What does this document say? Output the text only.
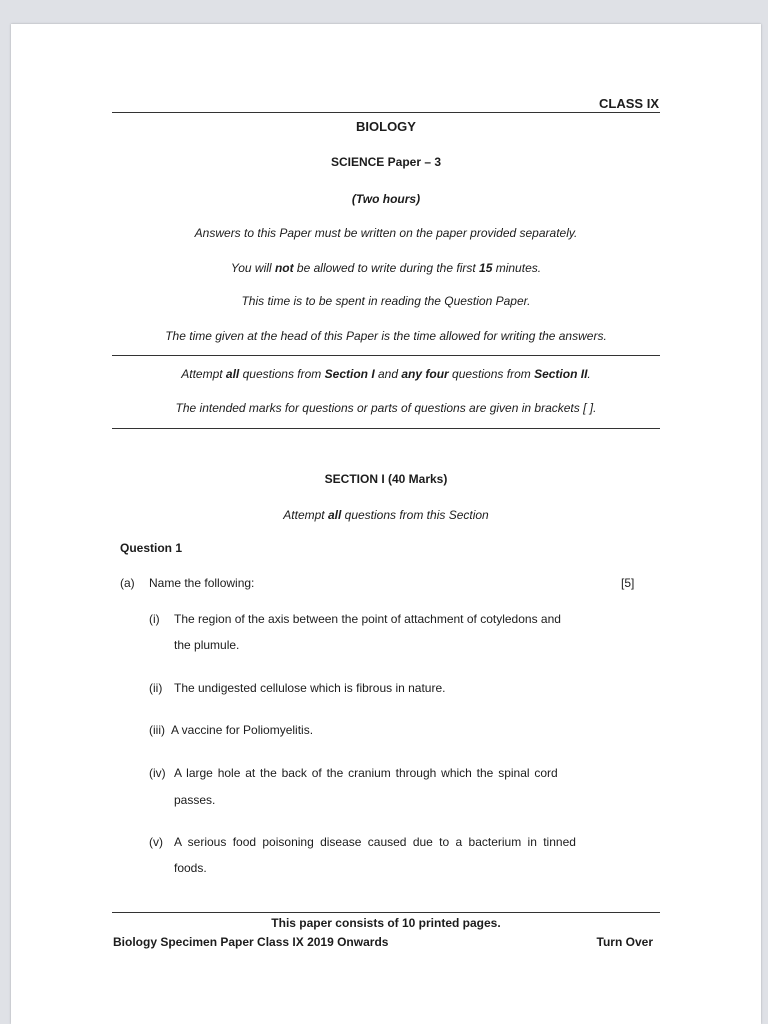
CLASS IX

BIOLOGY

SCIENCE Paper – 3

(Two hours)

Answers to this Paper must be written on the paper provided separately.

You will not be allowed to write during the first 15 minutes.

This time is to be spent in reading the Question Paper.

The time given at the head of this Paper is the time allowed for writing the answers.

Attempt all questions from Section I and any four questions from Section II.

The intended marks for questions or parts of questions are given in brackets [ ].

SECTION I (40 Marks)

Attempt all questions from this Section

Question 1

(a) Name the following:	[5]

(i) The region of the axis between the point of attachment of cotyledons and

the plumule.

(ii) The undigested cellulose which is fibrous in nature.

(iii) A vaccine for Poliomyelitis.

(iv) A large hole at the back of the cranium through which the spinal cord

passes.

(v) A serious food poisoning disease caused due to a bacterium in tinned

foods.

This paper consists of 10 printed pages.

Biology Specimen Paper Class IX 2019 Onwards	Turn Over
